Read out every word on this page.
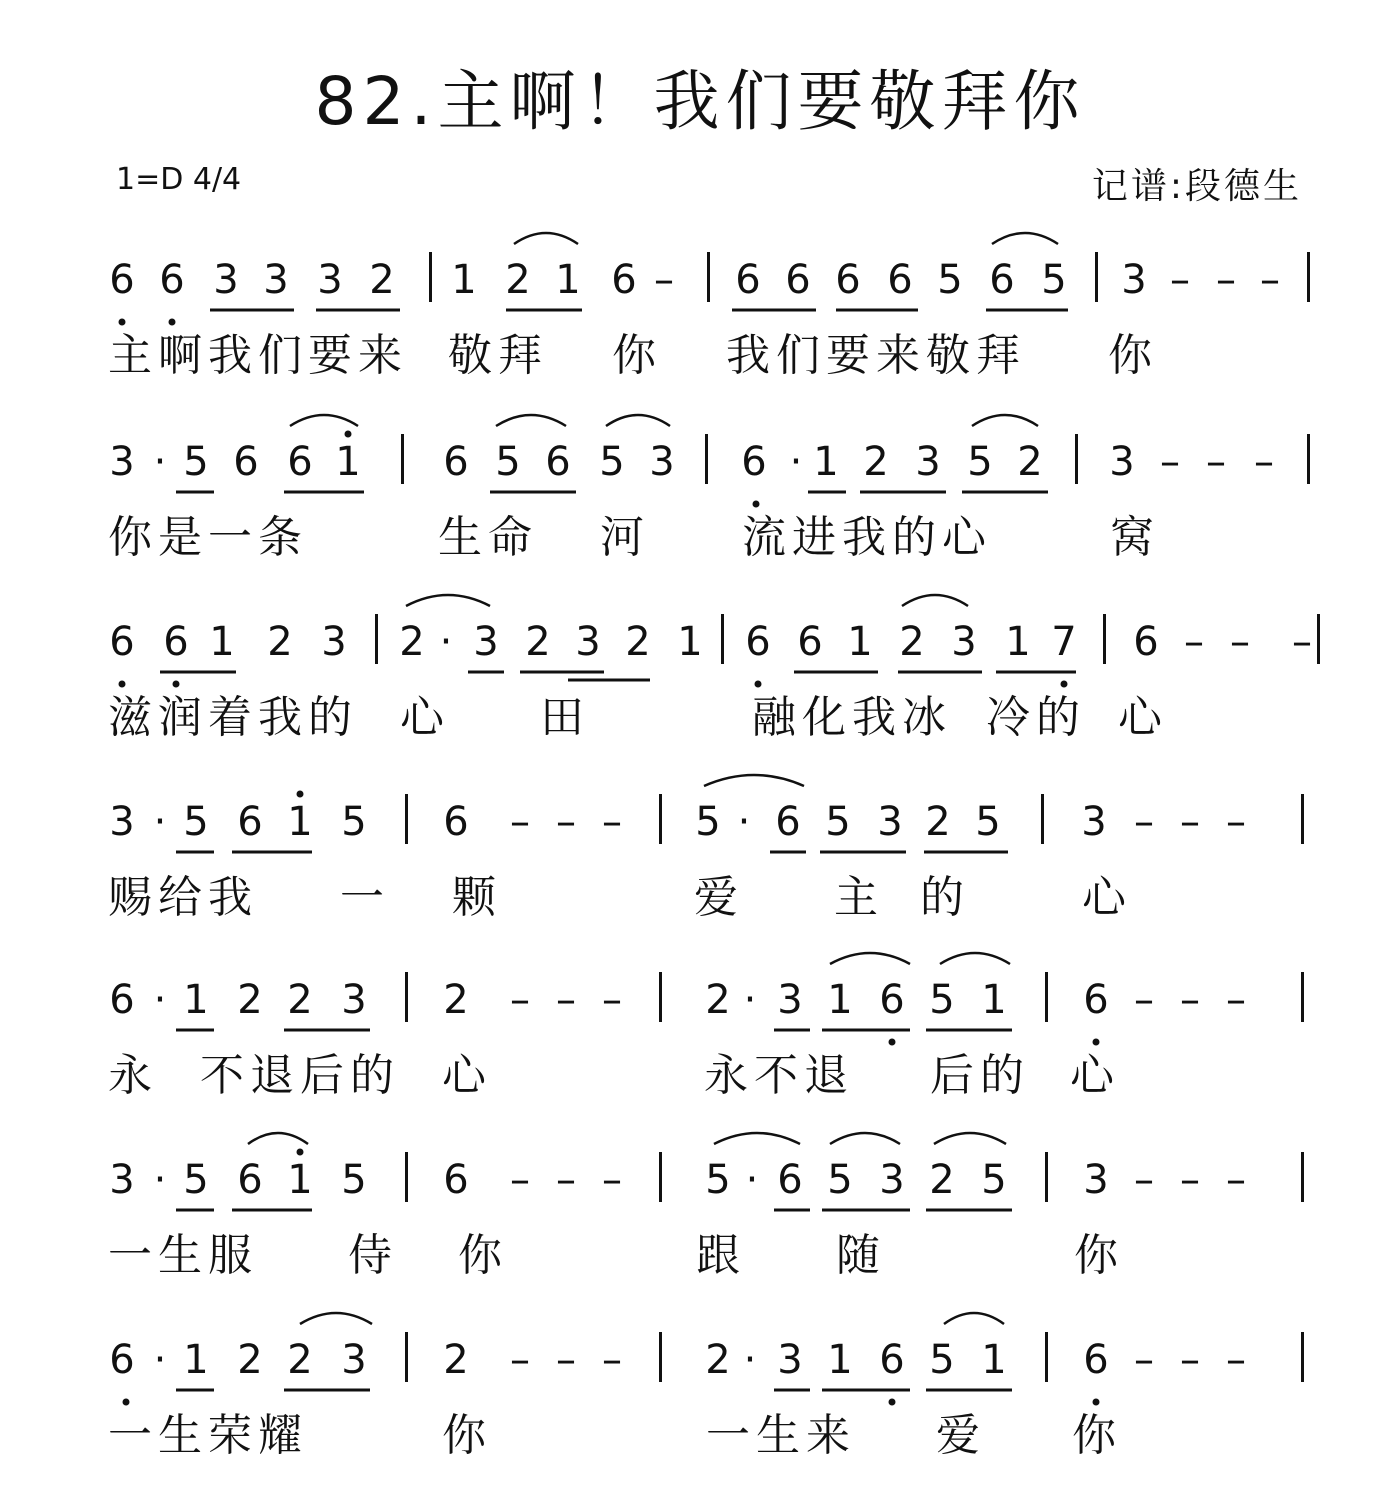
82.主啊！我们要敬拜你
1=D 4/4	记谱:段德生
6 6 3 3 3 2 1 2 1 6 –	6 6 6 6 5 6 5 3 – – –
主啊我们要来 敬拜 你 我们要来敬拜 你
3 · 5 6 6 1 6 5 6 5 3 6 · 1 2 3 5 2 3 – – –
你是一条	生命 河 流进我的心	窝
6 6 1 2 3 2 · 3 2 3 2 1 6 6 1 2 3 1 7 6 – –	–
滋润着我的 心 田	融化我冰 冷的 心
3 · 5 6 1 5 6	– – –	5 · 6 5 3 2 5 3 – – –
赐给我 一 颗	爱 主 的	心
6 · 1 2 2 3 2	– – –	2 · 3 1 6 5 1 6 – – –
永 不退后的 心	永不退 后的 心
3 · 5 6 1 5 6	– – –	5 · 6 5 3 2 5 3 – – –
一生服 侍 你	跟 随	你
6 · 1 2 2 3 2	– – –	2 · 3 1 6 5 1 6 – – –
一生荣耀	你	一生来 爱 你
